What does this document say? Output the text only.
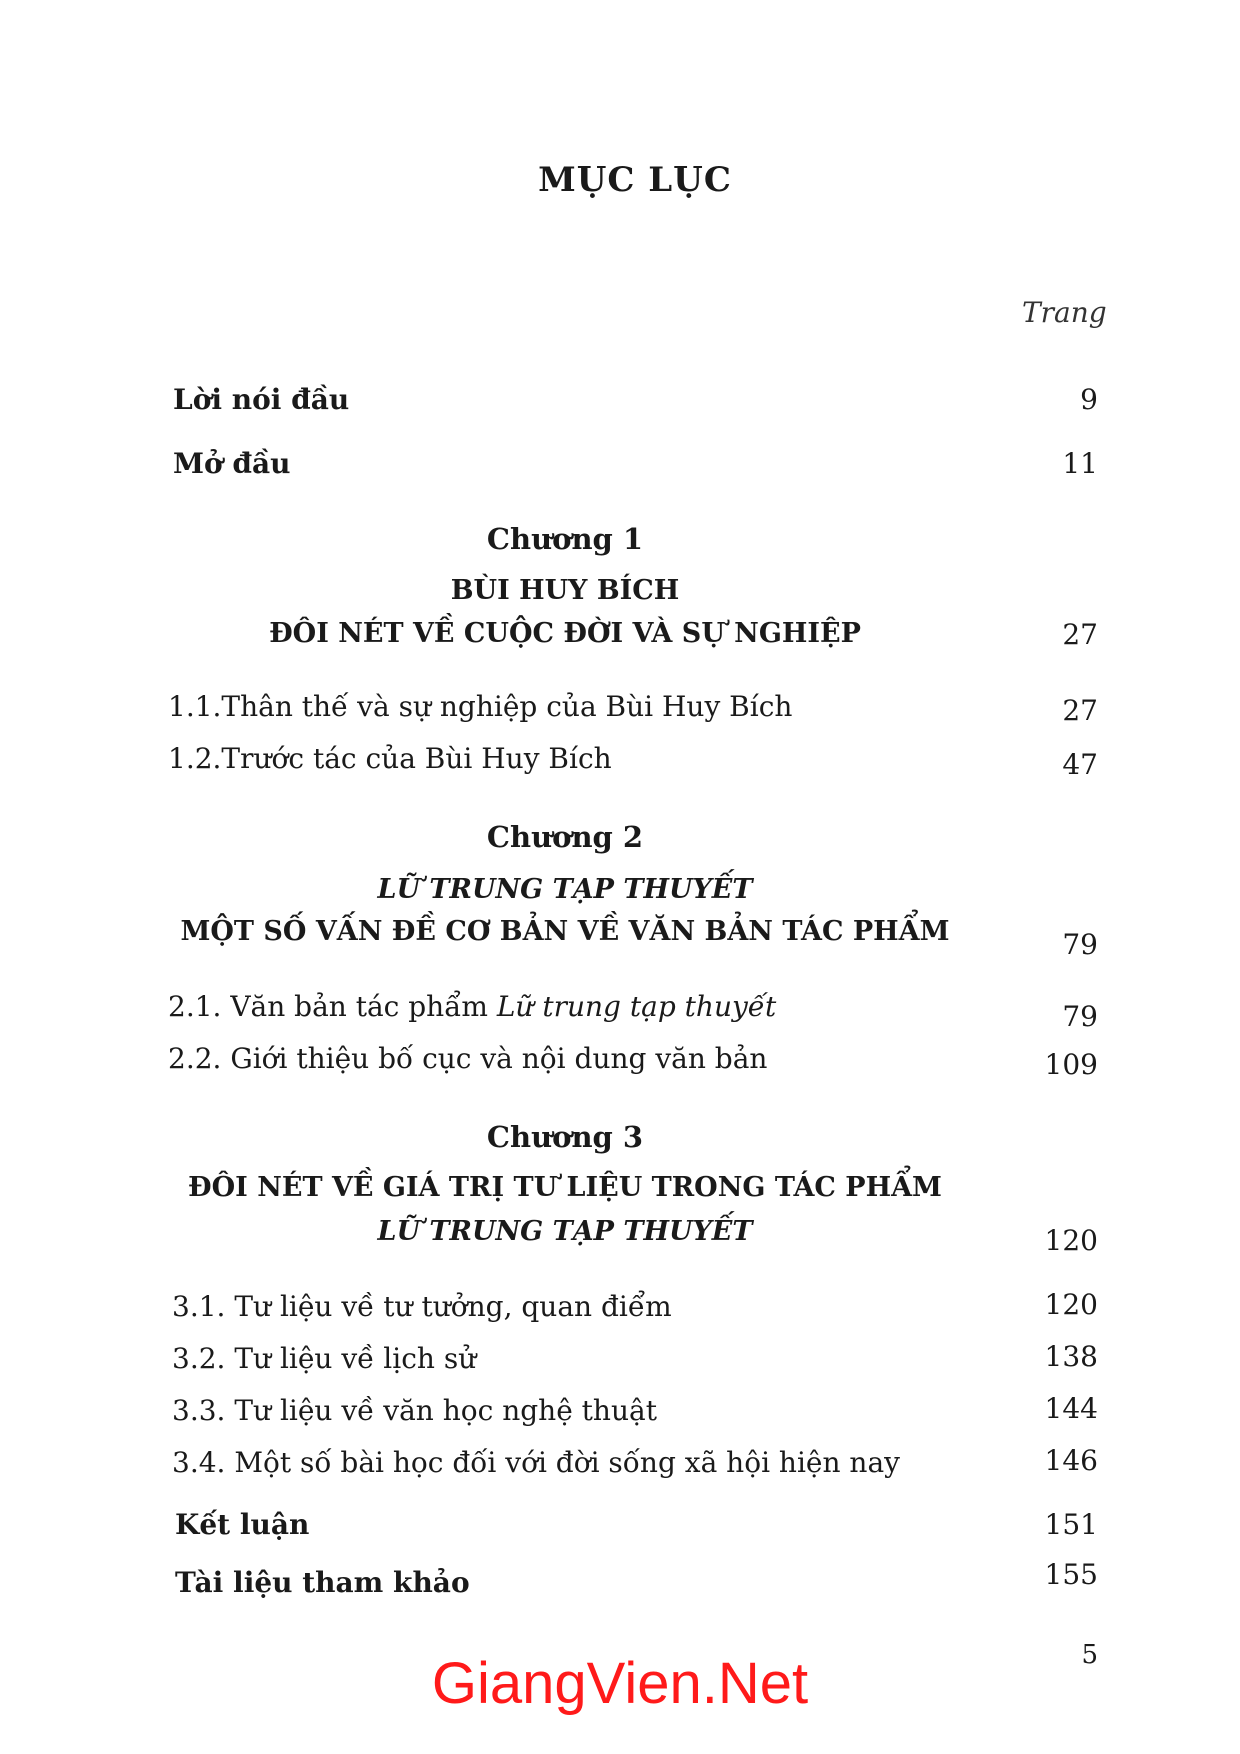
MỤC LỤC
Trang
Lời nói đầu	9
Mở đầu	11
Chương 1
BÙI HUY BÍCH
ĐÔI NÉT VỀ CUỘC ĐỜI VÀ SỰ NGHIỆP	27
1.1.Thân thế và sự nghiệp của Bùi Huy Bích	27
1.2.Trước tác của Bùi Huy Bích	47
Chương 2
LỮ TRUNG TẠP THUYẾT
MỘT SỐ VẤN ĐỀ CƠ BẢN VỀ VĂN BẢN TÁC PHẨM	79
2.1. Văn bản tác phẩm Lữ trung tạp thuyết	79
2.2. Giới thiệu bố cục và nội dung văn bản	109
Chương 3
ĐÔI NÉT VỀ GIÁ TRỊ TƯ LIỆU TRONG TÁC PHẨM
LỮ TRUNG TẠP THUYẾT	120
3.1. Tư liệu về tư tưởng, quan điểm	120
3.2. Tư liệu về lịch sử	138
3.3. Tư liệu về văn học nghệ thuật	144
3.4. Một số bài học đối với đời sống xã hội hiện nay	146
Kết luận	151
Tài liệu tham khảo	155
5
GiangVien.Net
